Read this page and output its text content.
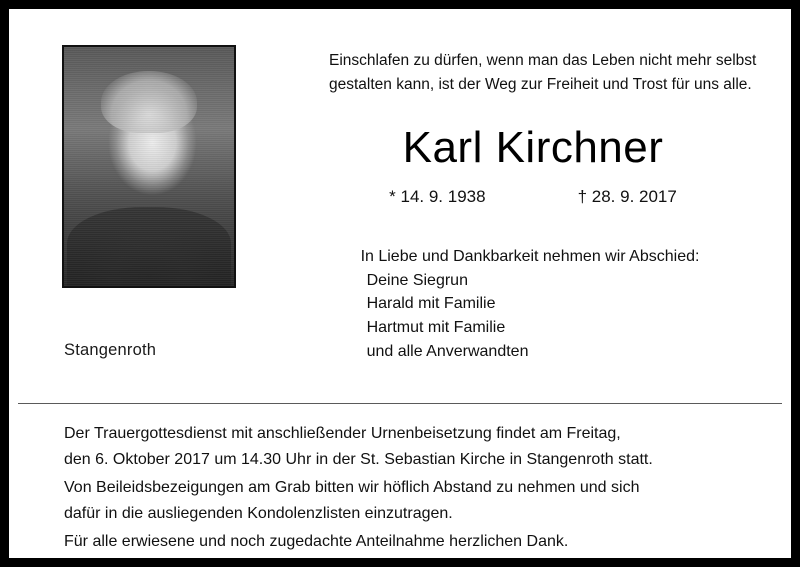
Stangenroth
Einschlafen zu dürfen, wenn man das Leben nicht mehr selbst
gestalten kann, ist der Weg zur Freiheit und Trost für uns alle.
Karl Kirchner
* 14. 9. 1938	† 28. 9. 2017
In Liebe und Dankbarkeit nehmen wir Abschied:
Deine Siegrun
Harald mit Familie
Hartmut mit Familie
und alle Anverwandten
Der Trauergottesdienst mit anschließender Urnenbeisetzung findet am Freitag,
den 6. Oktober 2017 um 14.30 Uhr in der St. Sebastian Kirche in Stangenroth statt.
Von Beileidsbezeigungen am Grab bitten wir höflich Abstand zu nehmen und sich
dafür in die ausliegenden Kondolenzlisten einzutragen.
Für alle erwiesene und noch zugedachte Anteilnahme herzlichen Dank.
